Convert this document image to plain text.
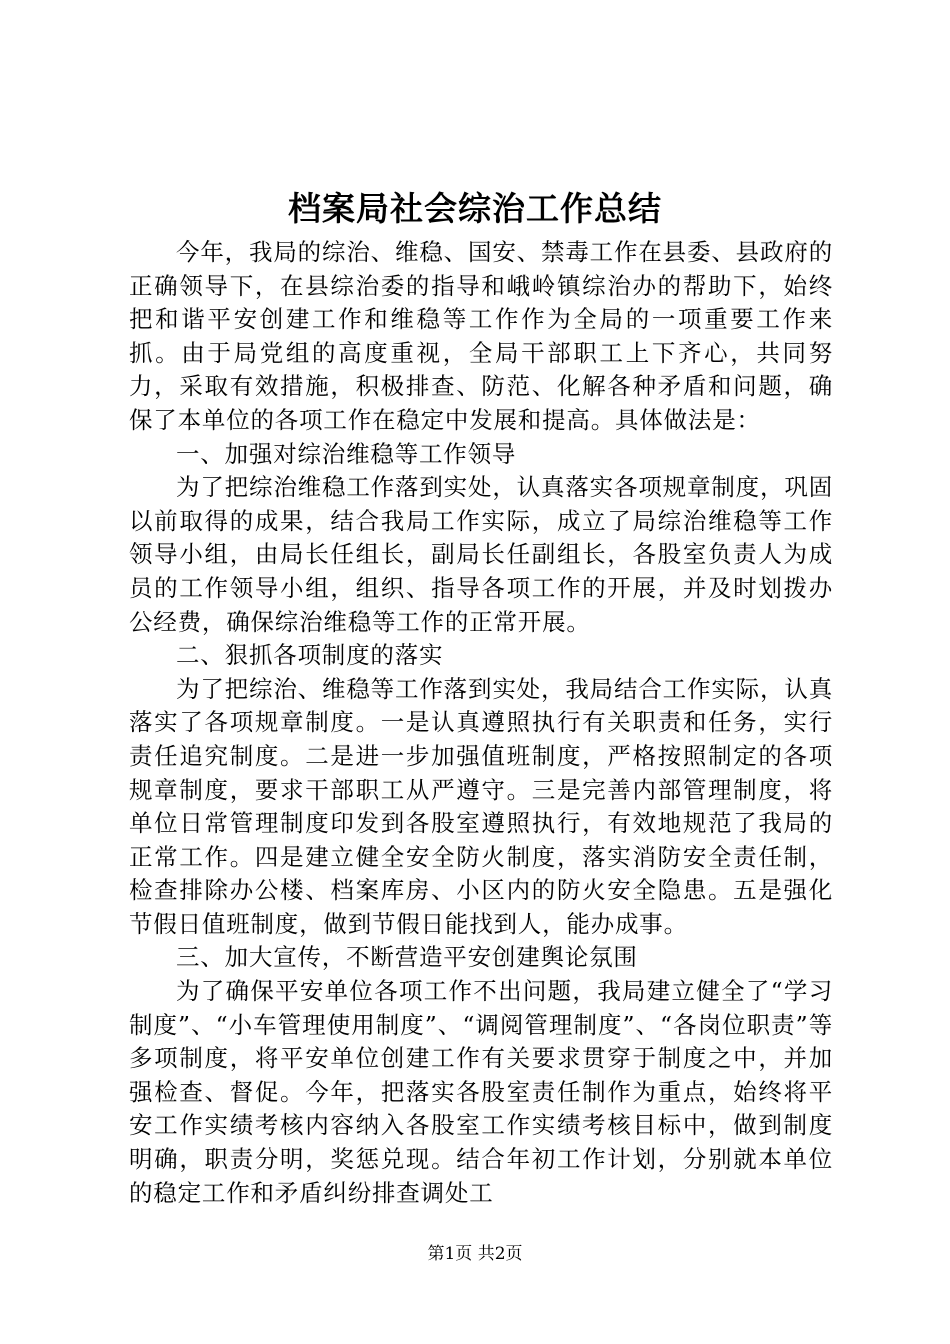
档案局社会综治工作总结

今年，我局的综治、维稳、国安、禁毒工作在县委、县政府的正确领导下，在县综治委的指导和峨岭镇综治办的帮助下，始终把和谐平安创建工作和维稳等工作作为全局的一项重要工作来抓。由于局党组的高度重视，全局干部职工上下齐心，共同努力，采取有效措施，积极排查、防范、化解各种矛盾和问题，确保了本单位的各项工作在稳定中发展和提高。具体做法是：

一、加强对综治维稳等工作领导

为了把综治维稳工作落到实处，认真落实各项规章制度，巩固以前取得的成果，结合我局工作实际，成立了局综治维稳等工作领导小组，由局长任组长，副局长任副组长，各股室负责人为成员的工作领导小组，组织、指导各项工作的开展，并及时划拨办公经费，确保综治维稳等工作的正常开展。

二、狠抓各项制度的落实

为了把综治、维稳等工作落到实处，我局结合工作实际，认真落实了各项规章制度。一是认真遵照执行有关职责和任务，实行责任追究制度。二是进一步加强值班制度，严格按照制定的各项规章制度，要求干部职工从严遵守。三是完善内部管理制度，将单位日常管理制度印发到各股室遵照执行，有效地规范了我局的正常工作。四是建立健全安全防火制度，落实消防安全责任制，检查排除办公楼、档案库房、小区内的防火安全隐患。五是强化节假日值班制度，做到节假日能找到人，能办成事。

三、加大宣传，不断营造平安创建舆论氛围

为了确保平安单位各项工作不出问题，我局建立健全了“学习制度”、“小车管理使用制度”、“调阅管理制度”、“各岗位职责”等多项制度，将平安单位创建工作有关要求贯穿于制度之中，并加强检查、督促。今年，把落实各股室责任制作为重点，始终将平安工作实绩考核内容纳入各股室工作实绩考核目标中，做到制度明确，职责分明，奖惩兑现。结合年初工作计划，分别就本单位的稳定工作和矛盾纠纷排查调处工

第1页 共2页
